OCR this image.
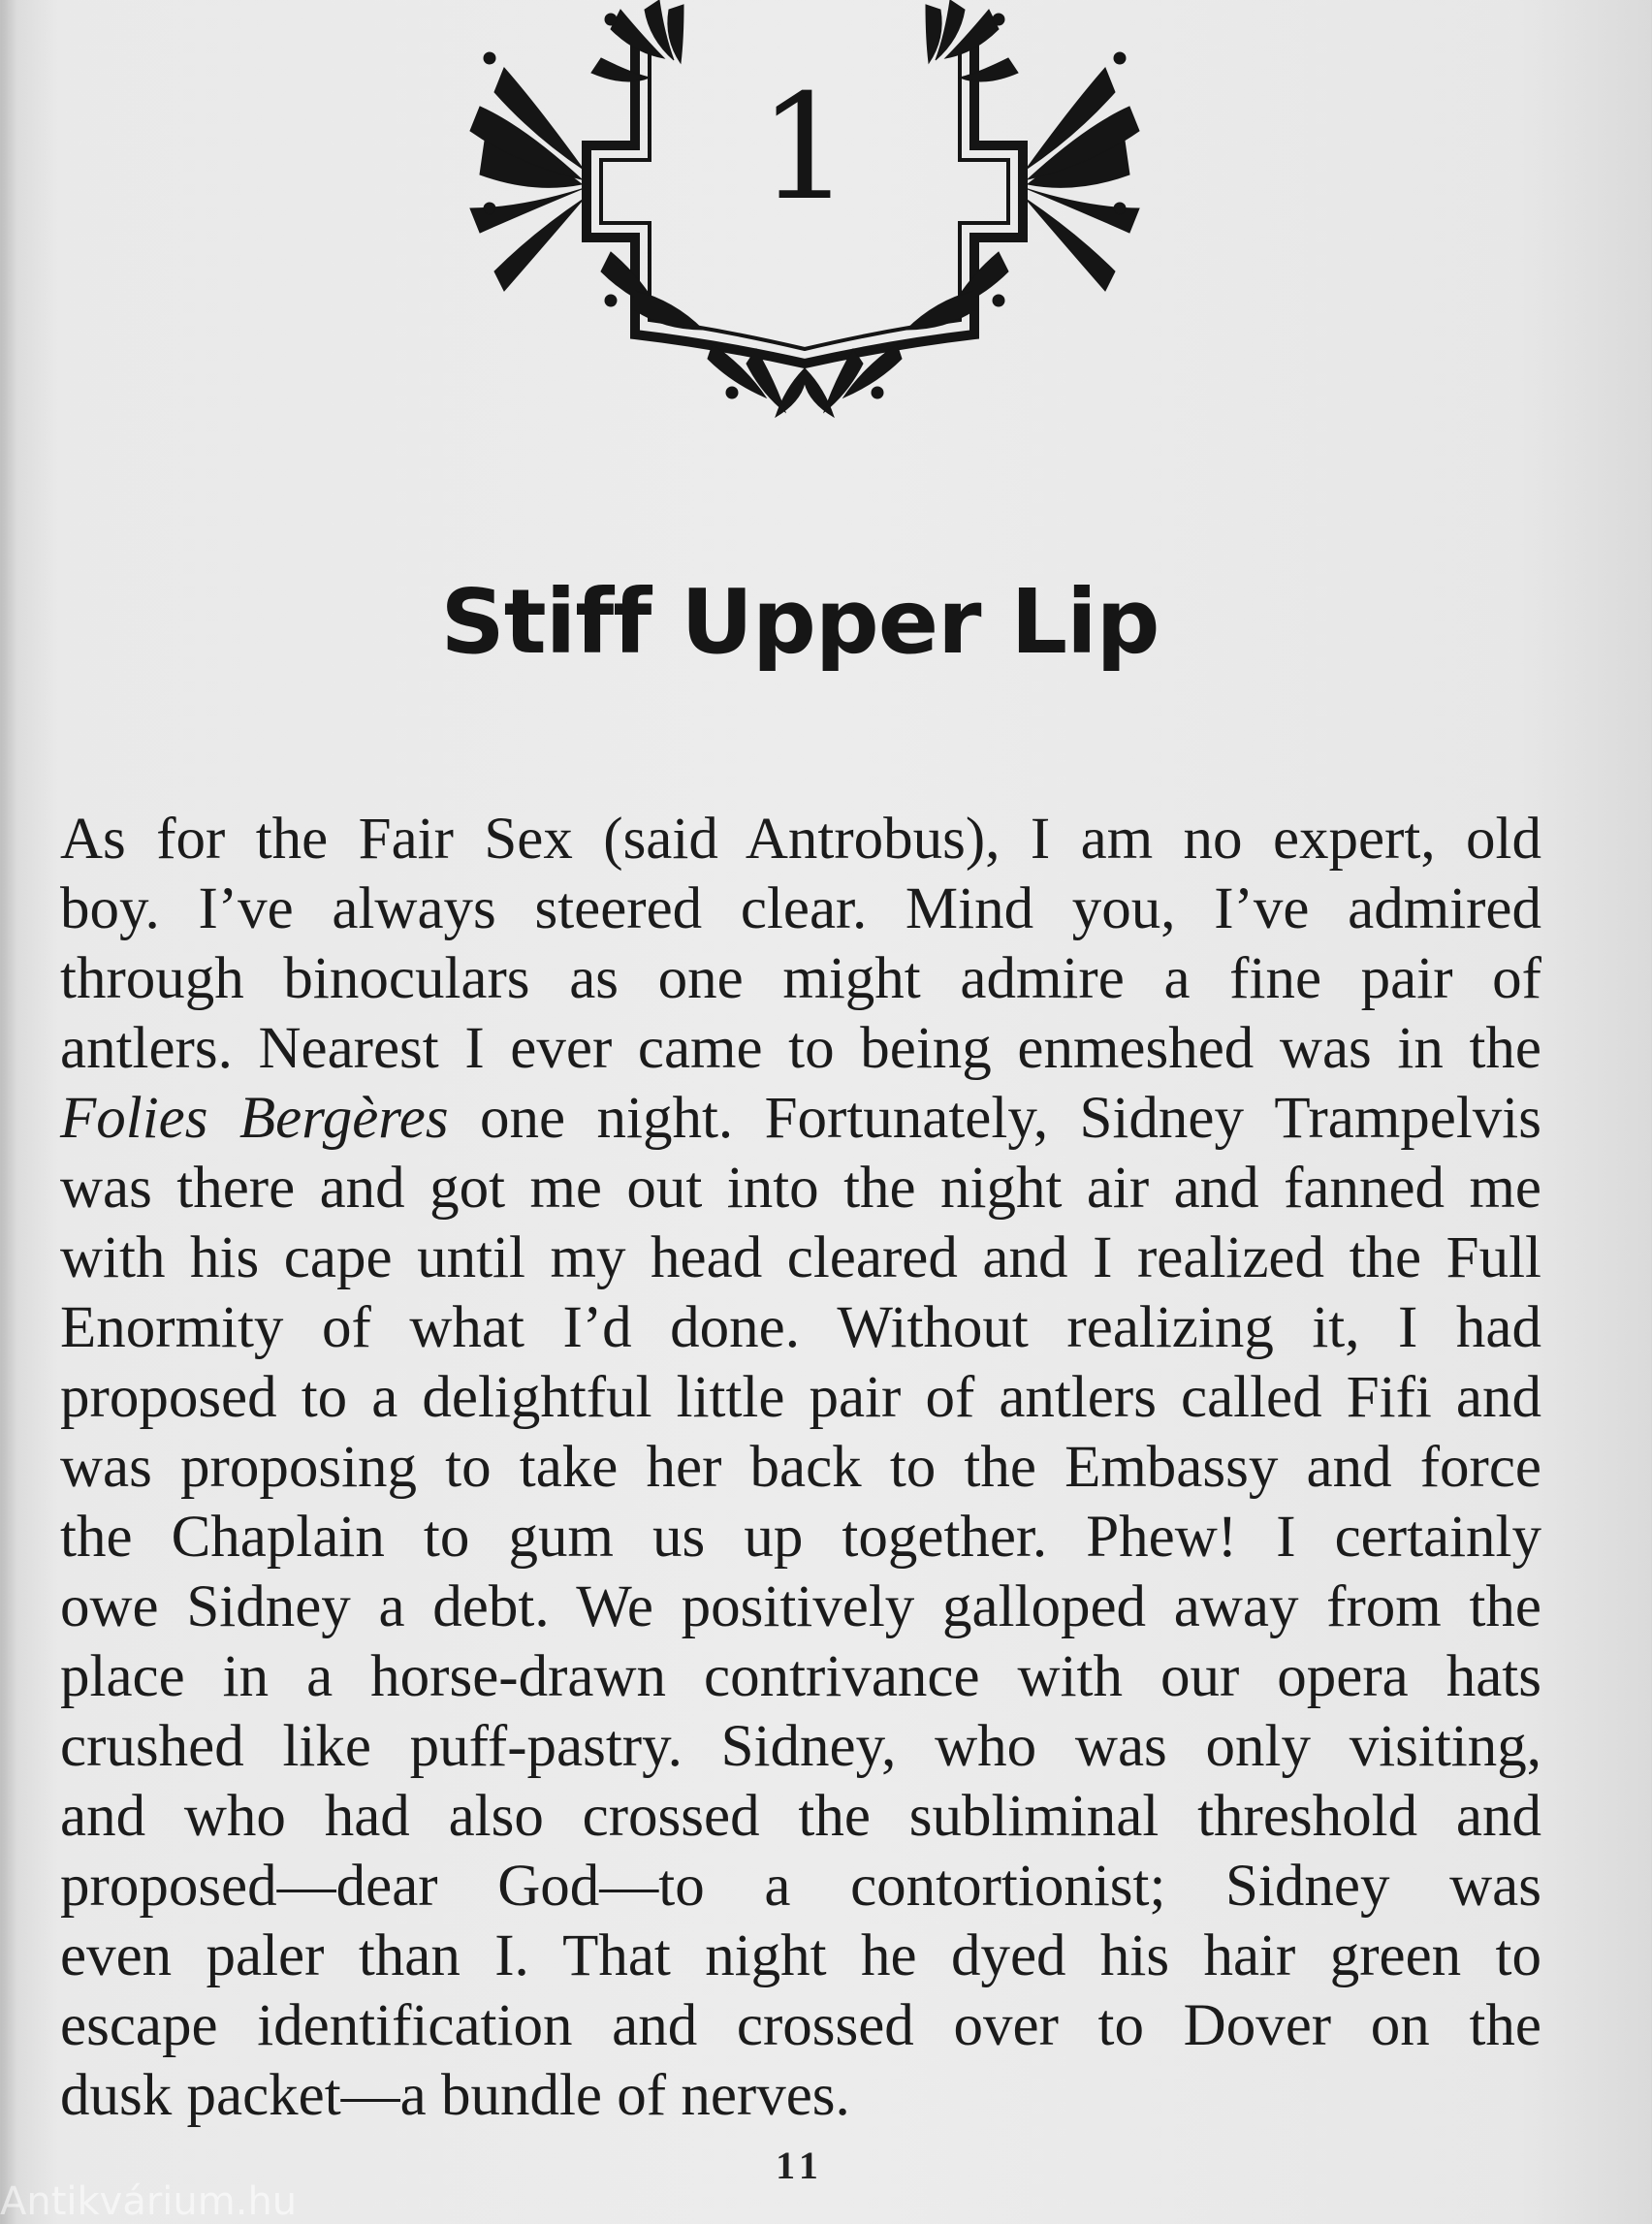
1
Stiff Upper Lip
As for the Fair Sex (said Antrobus), I am no expert, old
boy. I’ve always steered clear. Mind you, I’ve admired
through binoculars as one might admire a fine pair of
antlers. Nearest I ever came to being enmeshed was in the
Folies Bergères one night. Fortunately, Sidney Trampelvis
was there and got me out into the night air and fanned me
with his cape until my head cleared and I realized the Full
Enormity of what I’d done. Without realizing it, I had
proposed to a delightful little pair of antlers called Fifi and
was proposing to take her back to the Embassy and force
the Chaplain to gum us up together. Phew! I certainly
owe Sidney a debt. We positively galloped away from the
place in a horse-drawn contrivance with our opera hats
crushed like puff-pastry. Sidney, who was only visiting,
and who had also crossed the subliminal threshold and
proposed—dear God—to a contortionist; Sidney was
even paler than I. That night he dyed his hair green to
escape identification and crossed over to Dover on the
dusk packet—a bundle of nerves.
11
Antikvárium.hu
